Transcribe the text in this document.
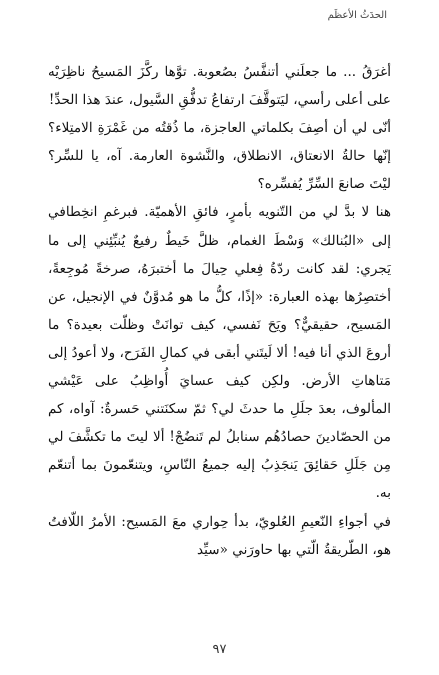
الحدَثُ الأعظَم

أغرَقُ ... ما جعلَني أتنفَّسُ بصُعوبة. توَّها ركَّزَ المَسيحُ ناظِرَيْه على أعلى رأسي، ليَتوقَّفَ ارتفاعُ تدفُّقِ السَّيول، عندَ هذا الحدِّ!

أنّى لي أن أصِفَ بكلماتي العاجزة، ما ذُقتُه من غَمْرَةِ الامتِلاء؟ إنّها حالةُ الانعتاق، الانطلاق، والنَّشوة العارمة. آه، يا للسِّر؟ ليْتَ صانعَ السِّرِّ يُفسِّره؟

هنا لا بدَّ لي من التّنويه بأمرٍ، فائقِ الأهميّة. فبرغمِ انخِطافي إلى «البُنالك» وَسْطَ الغمام، ظلَّ خَيطٌ رفيعٌ يُنبِّئِني إلى ما يَجري: لقد كانت ردّةُ فِعلي حِيالَ ما أختبرَهُ، صرخةً مُوجِعةً، أختصِرُها بهذه العبارة: «إذًا، كلُّ ما هو مُدوَّنٌ في الإنجيل، عن المَسيح، حقيقيٌّ؟ ويَحَ نَفسي، كيف توانَتْ وظلّت بعيدة؟ ما أروعَ الذي أنا فيه! ألا لَيتَني أبقى في كمالِ الفَرَح، ولا أعودُ إلى مَتاهاتِ الأرض. ولكِن كيف عسايَ أُواظِبُ على عَيْشي المألوف، بعدَ جلَلِ ما حدثَ لي؟ ثمّ سكنَتني حَسرةٌ: آواه، كم من الحصّادينَ حصادُهُم سنابلُ لم تَنضُجْ! ألا ليتَ ما تكشَّفَ لي مِن جَلَلِ حَقائِقَ يَنجَذِبُ إليه جميعُ النّاسِ، ويتنعّمونَ بما أتنعّم به.

في أجواءِ النّعيمِ العُلويّ، بدأ حِواري معَ المَسيح: الأمرُ اللّافتُ هو، الطّريقةُ الّتي بها حاورَني «سيِّد

٩٧
